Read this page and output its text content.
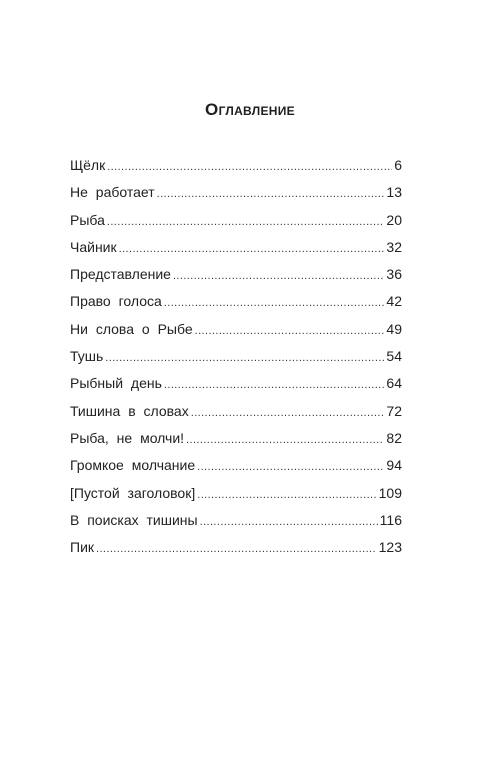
Оглавление
Щёлк .....	6
Не работает .....	13
Рыба .....	20
Чайник .....	32
Представление .....	36
Право голоса .....	42
Ни слова о Рыбе .....	49
Тушь .....	54
Рыбный день .....	64
Тишина в словах .....	72
Рыба, не молчи! .....	82
Громкое молчание .....	94
[Пустой заголовок] .....	109
В поисках тишины .....	116
Пик .....	123
